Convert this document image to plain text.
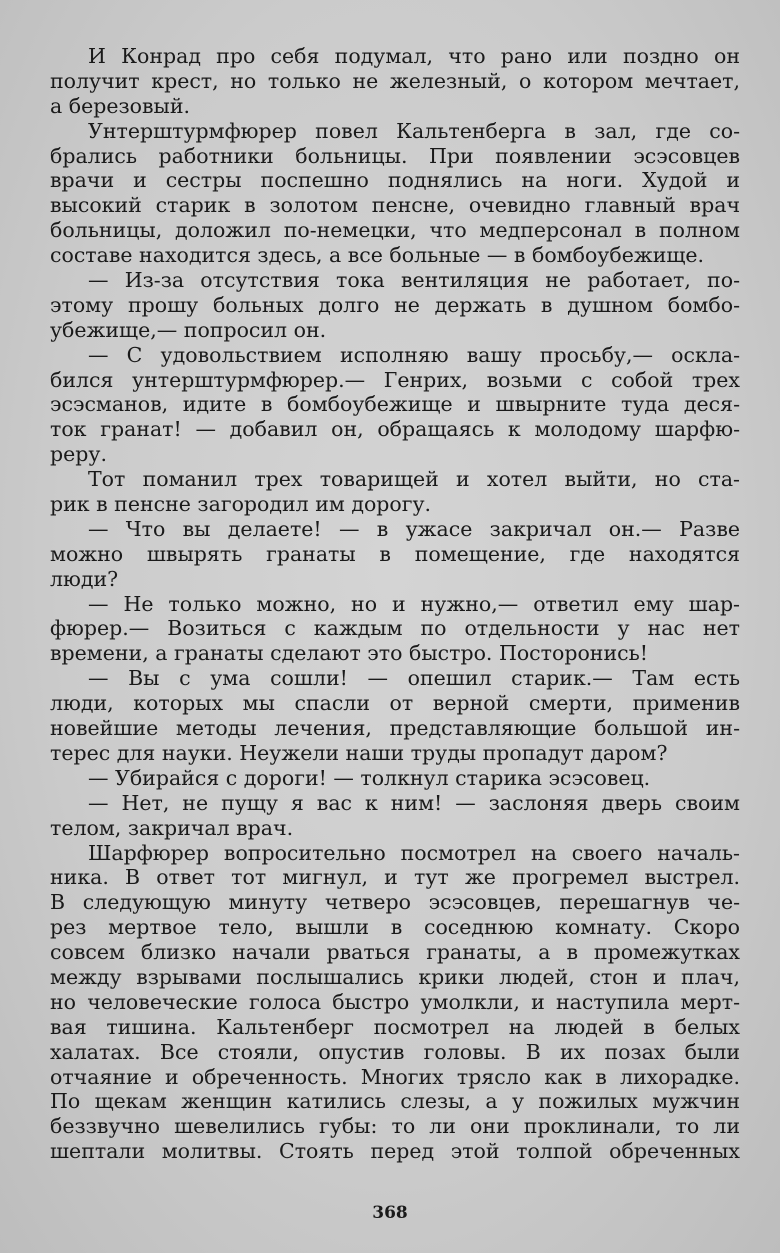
И Конрад про себя подумал, что рано или поздно он
получит крест, но только не железный, о котором мечтает,
а березовый.
Унтерштурмфюрер повел Кальтенберга в зал, где со-
брались работники больницы. При появлении эсэсовцев
врачи и сестры поспешно поднялись на ноги. Худой и
высокий старик в золотом пенсне, очевидно главный врач
больницы, доложил по-немецки, что медперсонал в полном
составе находится здесь, а все больные — в бомбоубежище.
— Из-за отсутствия тока вентиляция не работает, по-
этому прошу больных долго не держать в душном бомбо-
убежище,— попросил он.
— С удовольствием исполняю вашу просьбу,— оскла-
бился унтерштурмфюрер.— Генрих, возьми с собой трех
эсэсманов, идите в бомбоубежище и швырните туда деся-
ток гранат! — добавил он, обращаясь к молодому шарфю-
реру.
Тот поманил трех товарищей и хотел выйти, но ста-
рик в пенсне загородил им дорогу.
— Что вы делаете! — в ужасе закричал он.— Разве
можно швырять гранаты в помещение, где находятся
люди?
— Не только можно, но и нужно,— ответил ему шар-
фюрер.— Возиться с каждым по отдельности у нас нет
времени, а гранаты сделают это быстро. Посторонись!
— Вы с ума сошли! — опешил старик.— Там есть
люди, которых мы спасли от верной смерти, применив
новейшие методы лечения, представляющие большой ин-
терес для науки. Неужели наши труды пропадут даром?
— Убирайся с дороги! — толкнул старика эсэсовец.
— Нет, не пущу я вас к ним! — заслоняя дверь своим
телом, закричал врач.
Шарфюрер вопросительно посмотрел на своего началь-
ника. В ответ тот мигнул, и тут же прогремел выстрел.
В следующую минуту четверо эсэсовцев, перешагнув че-
рез мертвое тело, вышли в соседнюю комнату. Скоро
совсем близко начали рваться гранаты, а в промежутках
между взрывами послышались крики людей, стон и плач,
но человеческие голоса быстро умолкли, и наступила мерт-
вая тишина. Кальтенберг посмотрел на людей в белых
халатах. Все стояли, опустив головы. В их позах были
отчаяние и обреченность. Многих трясло как в лихорадке.
По щекам женщин катились слезы, а у пожилых мужчин
беззвучно шевелились губы: то ли они проклинали, то ли
шептали молитвы. Стоять перед этой толпой обреченных
368
